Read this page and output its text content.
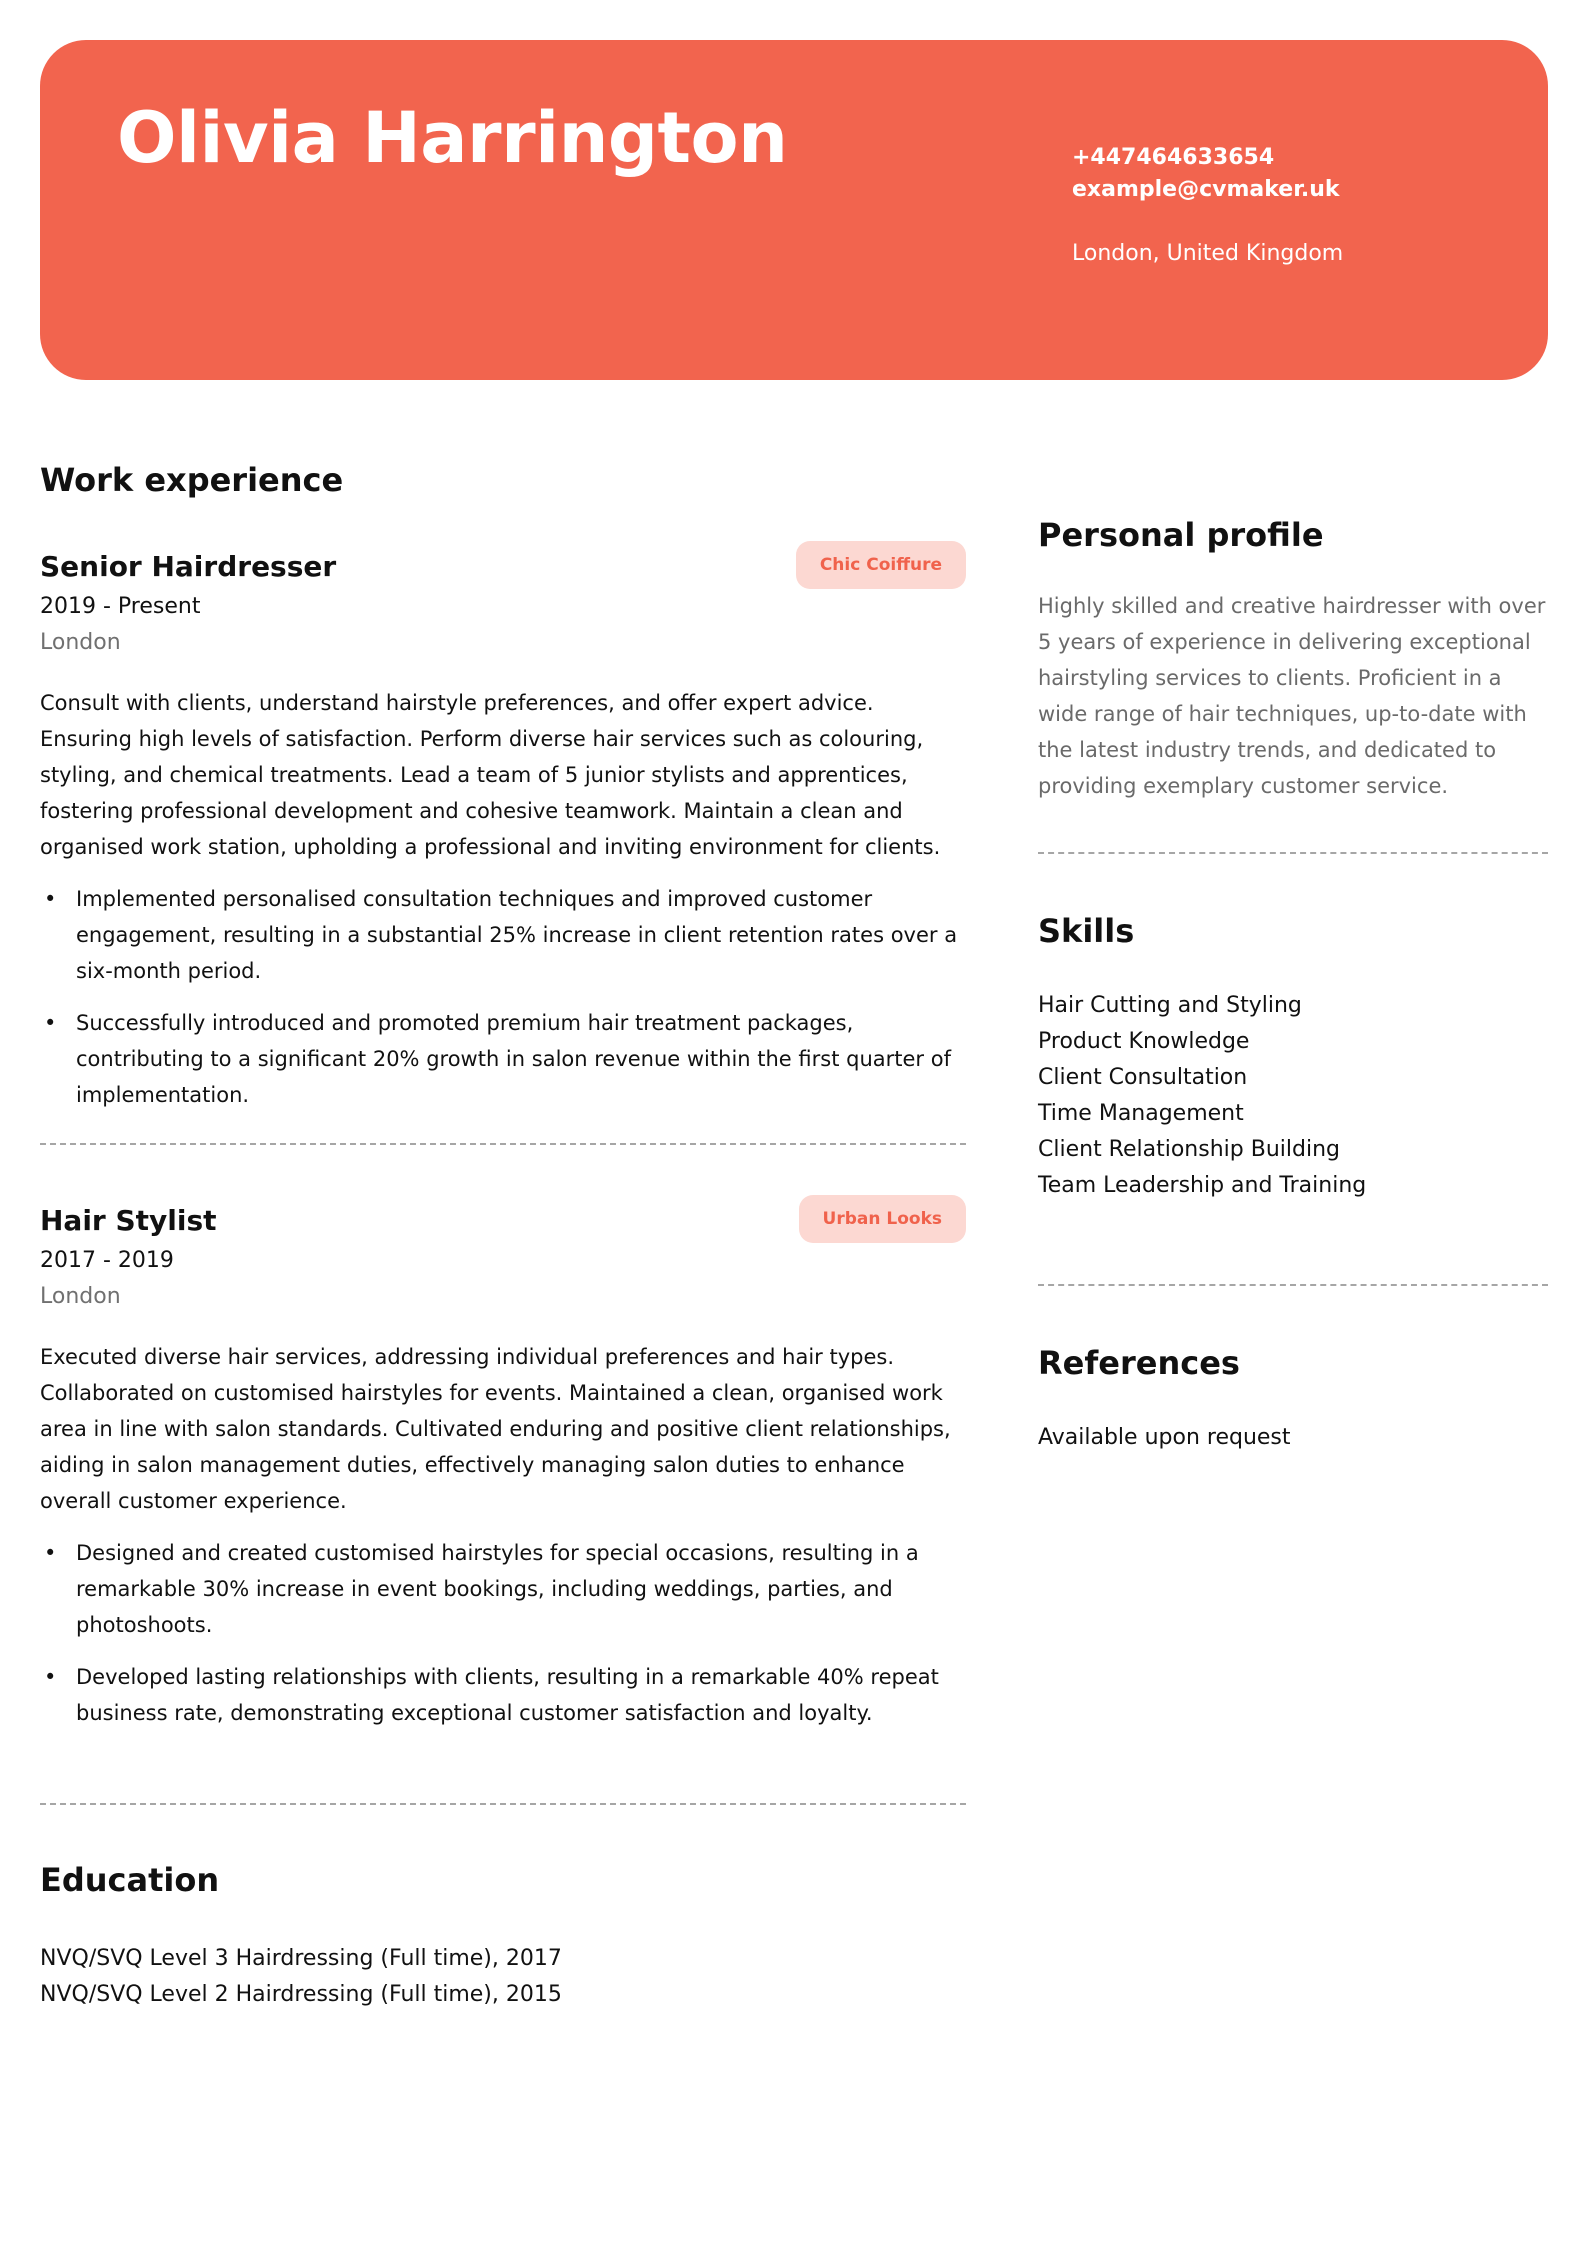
Olivia Harrington	+447464633654
example@cvmaker.uk
London, United Kingdom
Work experience
Senior Hairdresser	Chic Coiffure
2019 - Present
London
Consult with clients, understand hairstyle preferences, and offer expert advice. Ensuring high levels of satisfaction. Perform diverse hair services such as colouring, styling, and chemical treatments. Lead a team of 5 junior stylists and apprentices, fostering professional development and cohesive teamwork. Maintain a clean and organised work station, upholding a professional and inviting environment for clients.
• Implemented personalised consultation techniques and improved customer engagement, resulting in a substantial 25% increase in client retention rates over a six-month period.
• Successfully introduced and promoted premium hair treatment packages, contributing to a significant 20% growth in salon revenue within the first quarter of implementation.
Hair Stylist	Urban Looks
2017 - 2019
London
Executed diverse hair services, addressing individual preferences and hair types. Collaborated on customised hairstyles for events. Maintained a clean, organised work area in line with salon standards. Cultivated enduring and positive client relationships, aiding in salon management duties, effectively managing salon duties to enhance overall customer experience.
• Designed and created customised hairstyles for special occasions, resulting in a remarkable 30% increase in event bookings, including weddings, parties, and photoshoots.
• Developed lasting relationships with clients, resulting in a remarkable 40% repeat business rate, demonstrating exceptional customer satisfaction and loyalty.
Education
NVQ/SVQ Level 3 Hairdressing (Full time), 2017
NVQ/SVQ Level 2 Hairdressing (Full time), 2015
Personal profile
Highly skilled and creative hairdresser with over 5 years of experience in delivering exceptional hairstyling services to clients. Proficient in a wide range of hair techniques, up-to-date with the latest industry trends, and dedicated to providing exemplary customer service.
Skills
Hair Cutting and Styling
Product Knowledge
Client Consultation
Time Management
Client Relationship Building
Team Leadership and Training
References
Available upon request
